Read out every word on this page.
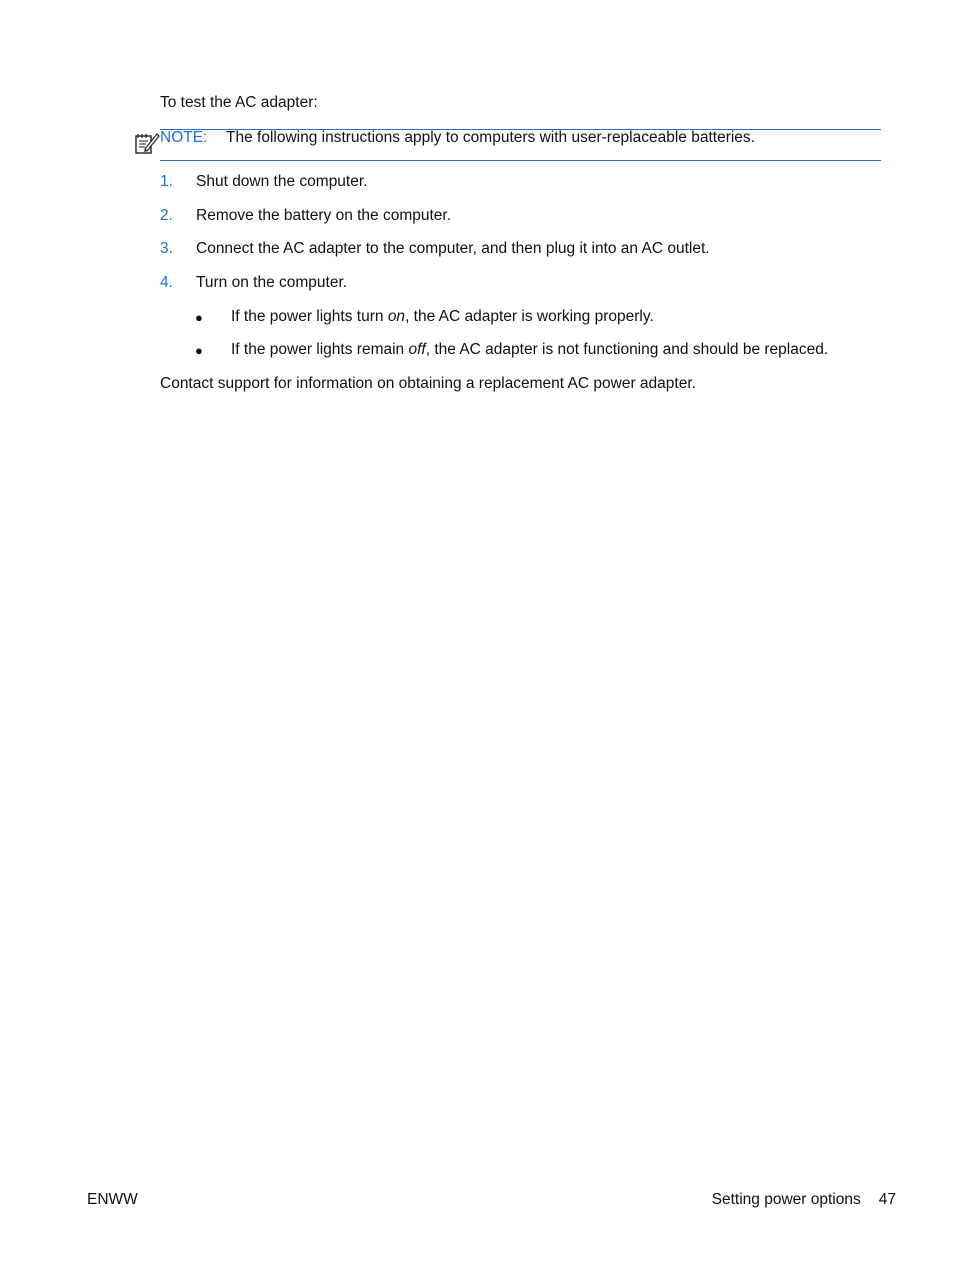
To test the AC adapter:
NOTE: The following instructions apply to computers with user-replaceable batteries.
1. Shut down the computer.
2. Remove the battery on the computer.
3. Connect the AC adapter to the computer, and then plug it into an AC outlet.
4. Turn on the computer.
● If the power lights turn on, the AC adapter is working properly.
● If the power lights remain off, the AC adapter is not functioning and should be replaced.
Contact support for information on obtaining a replacement AC power adapter.
ENWW	Setting power options 47
